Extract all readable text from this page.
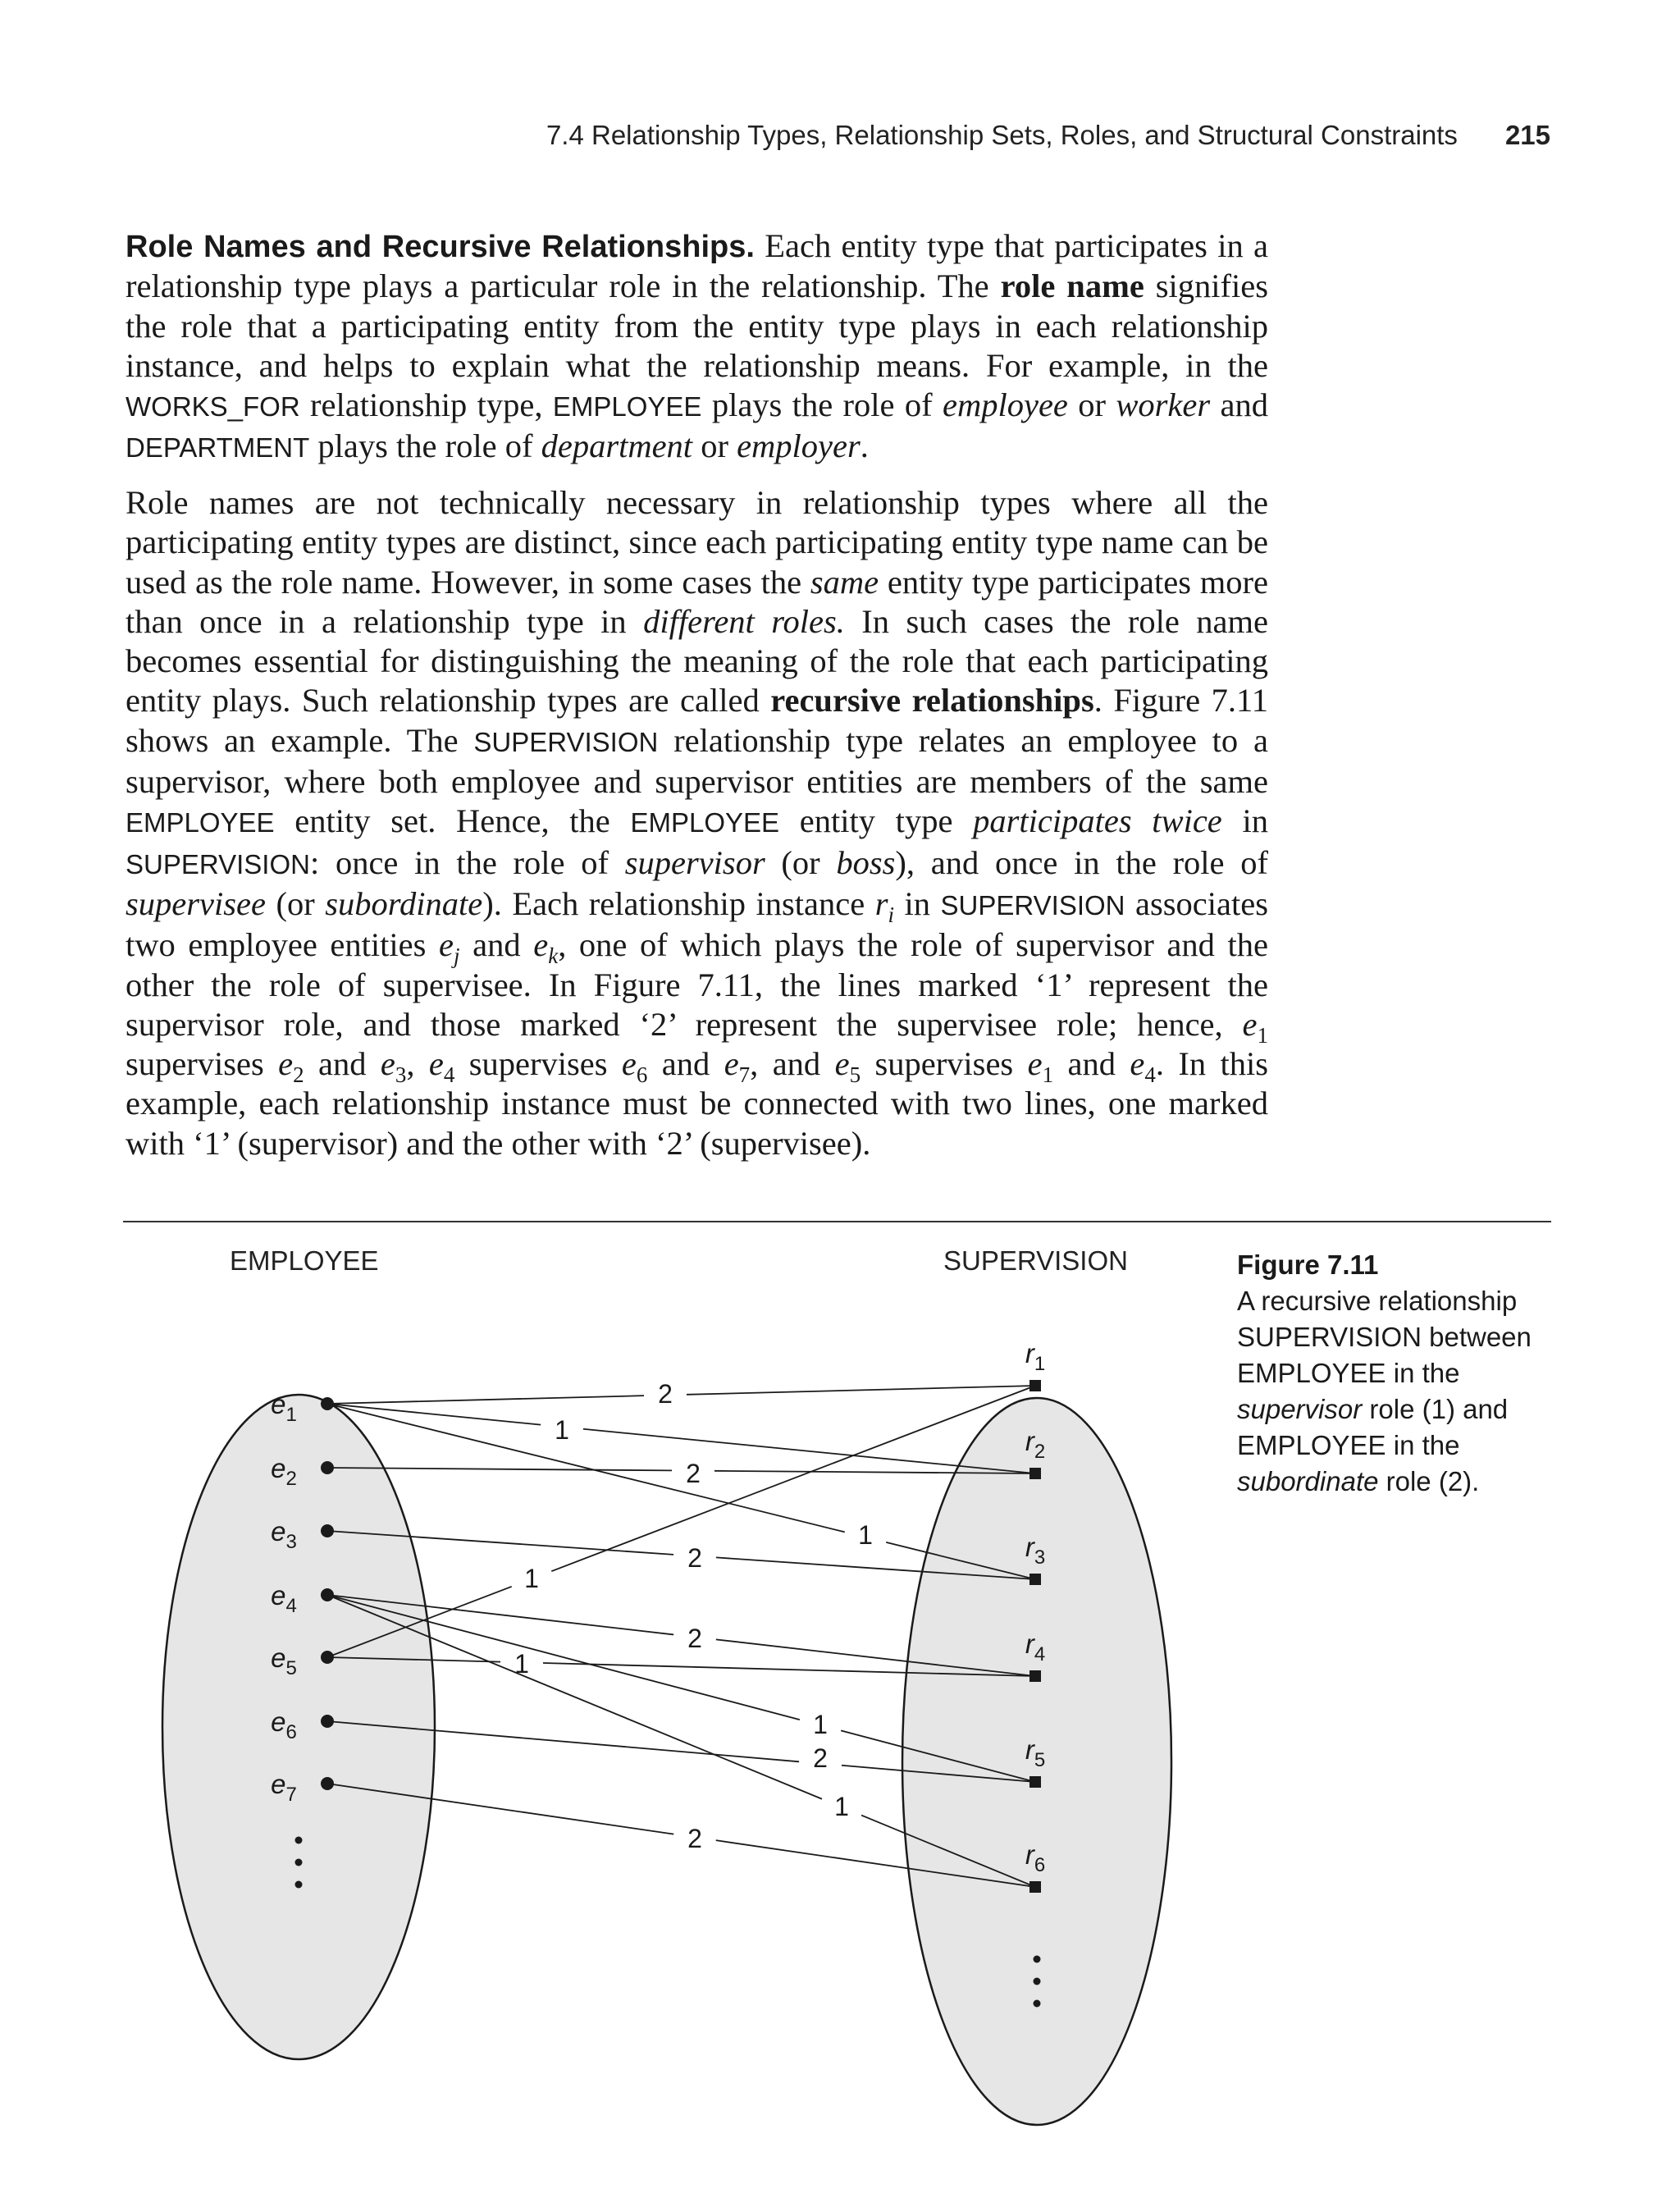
7.4 Relationship Types, Relationship Sets, Roles, and Structural Constraints 215
Role Names and Recursive Relationships. Each entity type that participates in a relationship type plays a particular role in the relationship. The role name signifies the role that a participating entity from the entity type plays in each relationship instance, and helps to explain what the relationship means. For example, in the WORKS_FOR relationship type, EMPLOYEE plays the role of employee or worker and DEPARTMENT plays the role of department or employer.
Role names are not technically necessary in relationship types where all the participating entity types are distinct, since each participating entity type name can be used as the role name. However, in some cases the same entity type participates more than once in a relationship type in different roles. In such cases the role name becomes essential for distinguishing the meaning of the role that each participating entity plays. Such relationship types are called recursive relationships. Figure 7.11 shows an example. The SUPERVISION relationship type relates an employee to a supervisor, where both employee and supervisor entities are members of the same EMPLOYEE entity set. Hence, the EMPLOYEE entity type participates twice in SUPERVISION: once in the role of supervisor (or boss), and once in the role of supervisee (or subordinate). Each relationship instance $r_i$ in SUPERVISION associates two employee entities $e_j$ and $e_k$, one of which plays the role of supervisor and the other the role of supervisee. In Figure 7.11, the lines marked ‘1’ represent the supervisor role, and those marked ‘2’ represent the supervisee role; hence, $e_1$ supervises $e_2$ and $e_3$, $e_4$ supervises $e_6$ and $e_7$, and $e_5$ supervises $e_1$ and $e_4$. In this example, each relationship instance must be connected with two lines, one marked with ‘1’ (supervisor) and the other with ‘2’ (supervisee).
EMPLOYEE	SUPERVISION
2
1
1
2
2
1
2
1
1
2
1
2
$e_1$
$e_2$
$e_3$
$e_4$
$e_5$
$e_6$
$e_7$
$r_1$
$r_2$
$r_3$
$r_4$
$r_5$
$r_6$
Figure 7.11
A recursive relationship
SUPERVISION between
EMPLOYEE in the
supervisor role (1) and
EMPLOYEE in the
subordinate role (2).
